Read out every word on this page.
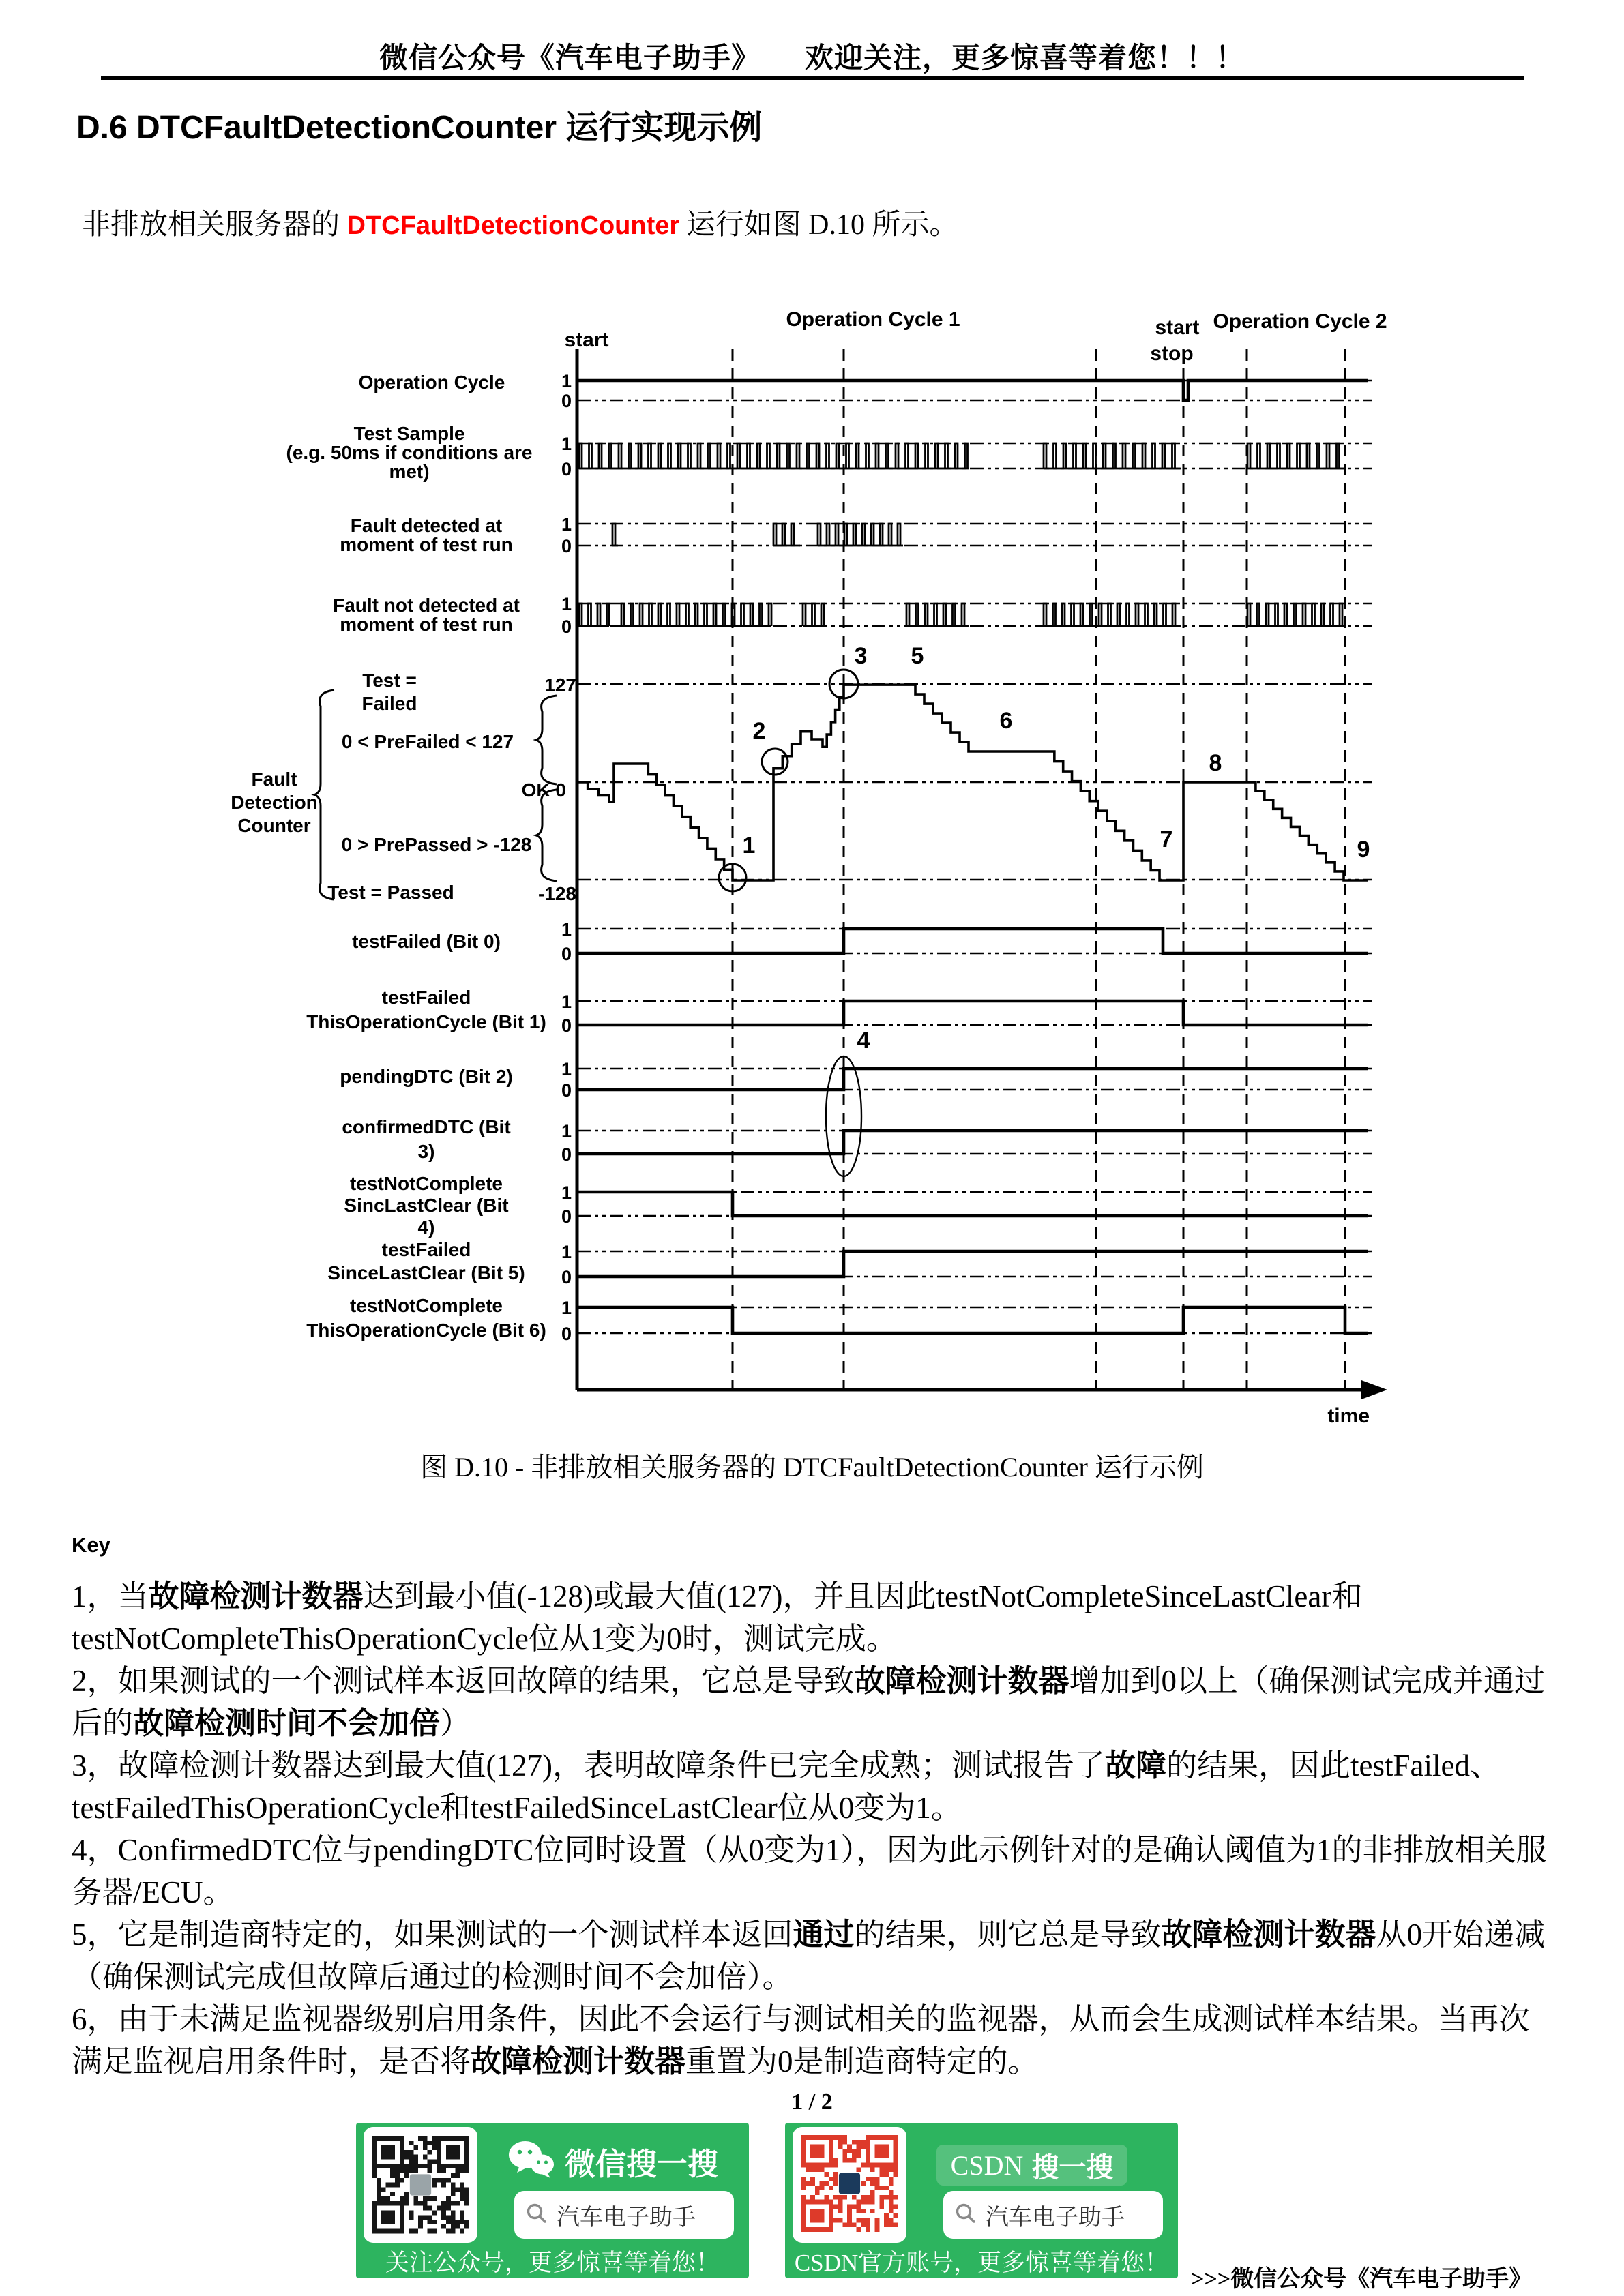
微信公众号《汽车电子助手》　　欢迎关注，更多惊喜等着您！！！
D.6 DTCFaultDetectionCounter 运行实现示例
非排放相关服务器的 DTCFaultDetectionCounter 运行如图 D.10 所示。
time
Operation Cycle 1
start
start
stop
Operation Cycle 2
1
0
Operation Cycle
1
0
Test Sample
(e.g. 50ms if conditions are
met)
1
0
Fault detected at
moment of test run
1
0
Fault not detected at
moment of test run
1
0
testFailed (Bit 0)
1
0
testFailed
ThisOperationCycle (Bit 1)
1
0
pendingDTC (Bit 2)
1
0
confirmedDTC (Bit
3)
1
0
testNotComplete
SincLastClear (Bit
4)
1
0
testFailed
SinceLastClear (Bit 5)
1
0
testNotComplete
ThisOperationCycle (Bit 6)
Test =
Failed
0 < PreFailed < 127
OK 0
0 > PrePassed > -128
Test = Passed
127
-128
Fault
Detection
Counter
1
2
3
4
5
6
7
8
9
图 D.10 - 非排放相关服务器的 DTCFaultDetectionCounter 运行示例
Key
1，当故障检测计数器达到最小值(-128)或最大值(127)，并且因此testNotCompleteSinceLastClear和testNotCompleteThisOperationCycle位从1变为0时，测试完成。
2，如果测试的一个测试样本返回故障的结果，它总是导致故障检测计数器增加到0以上（确保测试完成并通过后的故障检测时间不会加倍）
3，故障检测计数器达到最大值(127)，表明故障条件已完全成熟；测试报告了故障的结果，因此testFailed、testFailedThisOperationCycle和testFailedSinceLastClear位从0变为1。
4，ConfirmedDTC位与pendingDTC位同时设置（从0变为1），因为此示例针对的是确认阈值为1的非排放相关服务器/ECU。
5，它是制造商特定的，如果测试的一个测试样本返回通过的结果，则它总是导致故障检测计数器从0开始递减（确保测试完成但故障后通过的检测时间不会加倍）。
6，由于未满足监视器级别启用条件，因此不会运行与测试相关的监视器，从而会生成测试样本结果。当再次满足监视启用条件时，是否将故障检测计数器重置为0是制造商特定的。
1 / 2
微信搜一搜
汽车电子助手
关注公众号，更多惊喜等着您！
CSDN 搜一搜
汽车电子助手
CSDN官方账号，更多惊喜等着您！
>>>微信公众号《汽车电子助手》
